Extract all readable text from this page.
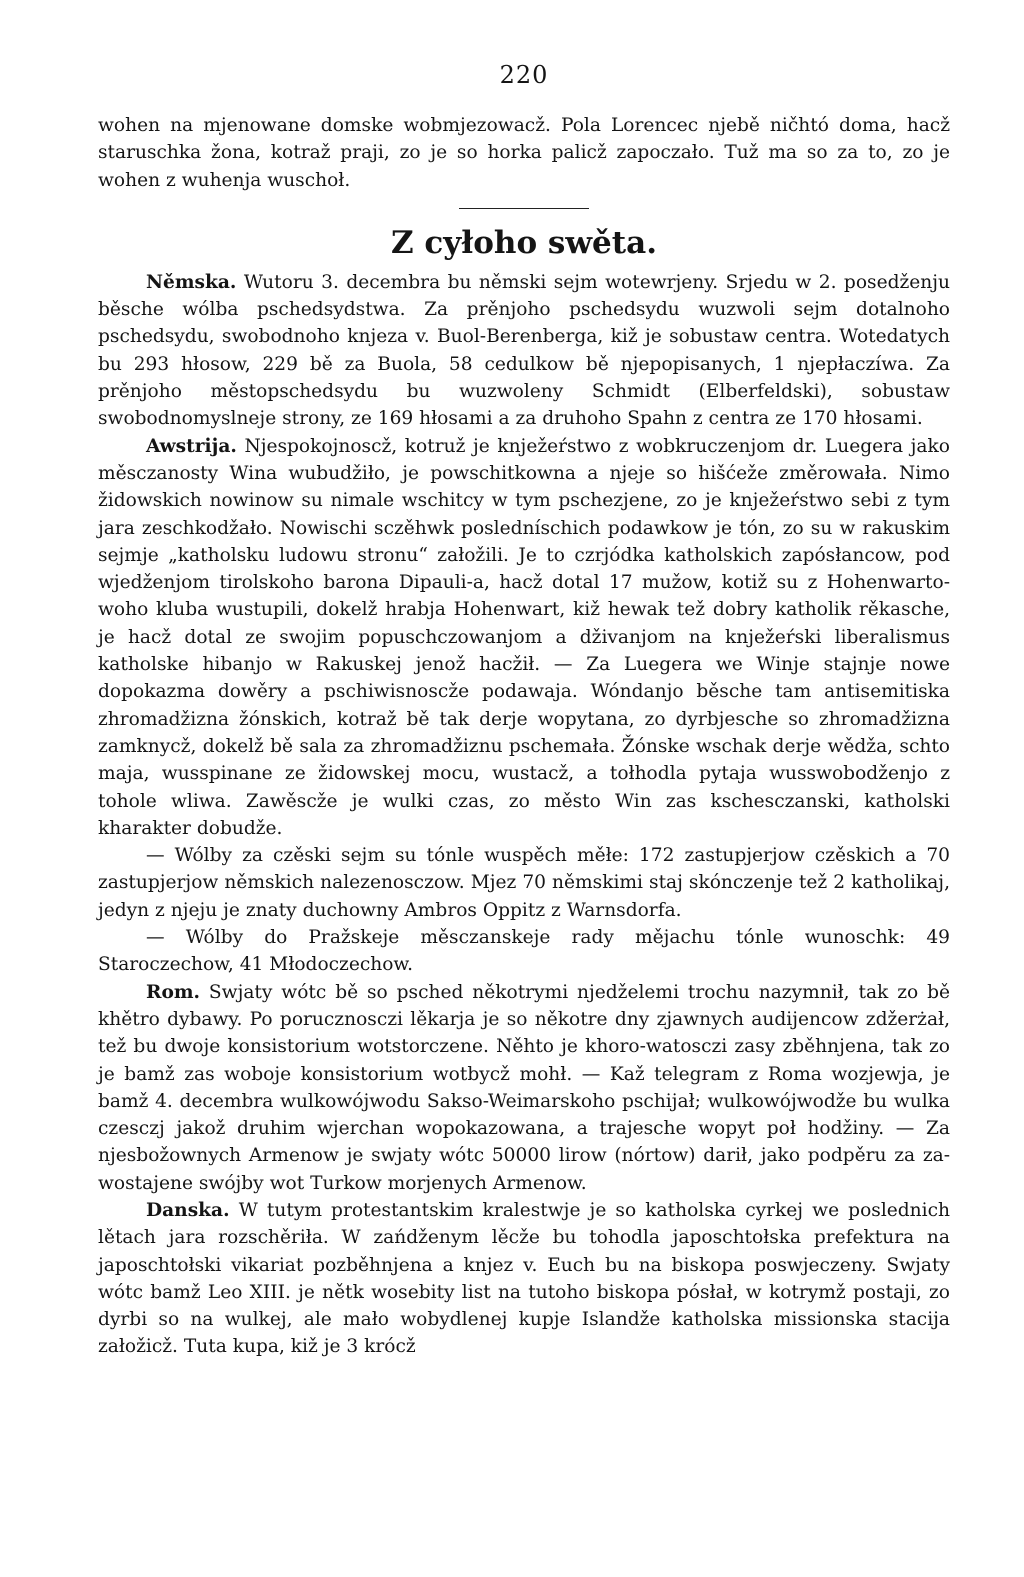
220

wohen na mjenowane domske wobmjezowacž. Pola Lorencec njebě ničhtó doma, hacž staruschka žona, kotraž praji, zo je so horka palicž zapoczało. Tuž ma so za to, zo je wohen z wuhenja wuschoł.

Z cyłoho swěta.

Němska. Wutoru 3. decembra bu němski sejm wotewrjeny. Srjedu w 2. posedženju běsche wólba pschedsydstwa. Za prěnjoho pschedsydu wuzwoli sejm dotalnoho pschedsydu, swobodnoho knjeza v. Buol-Berenberga, kiž je sobustaw centra. Wotedatych bu 293 hłosow, 229 bě za Buola, 58 cedulkow bě njepopisanych, 1 njepłaczíwa. Za prěnjoho městopschedsydu bu wuzwoleny Schmidt (Elberfeldski), sobustaw swobodnomyslneje strony, ze 169 hłosami a za druhoho Spahn z centra ze 170 hłosami.

Awstrija. Njespokojnoscž, kotruž je knježeŕstwo z wobkruczenjom dr. Luegera jako měsczanosty Wina wubudžiło, je powschitkowna a njeje so hišćeže změrowała. Nimo židowskich nowinow su nimale wschitcy w tym pschezjene, zo je knježeŕstwo sebi z tym jara zeschkodžało. Nowischi sczěhwk posledníschich podawkow je tón, zo su w rakuskim sejmje „katholsku ludowu stronu“ załožili. Je to czrjódka katholskich zapósłancow, pod wjedženjom tirolskoho barona Dipauli-a, hacž dotal 17 mužow, kotiž su z Hohenwarto-woho kluba wustupili, dokelž hrabja Hohenwart, kiž hewak tež dobry katholik rěkasche, je hacž dotal ze swojim popuschczowanjom a dživanjom na knježeŕski liberalismus katholske hibanjo w Rakuskej jenož hacžił. — Za Luegera we Winje stajnje nowe dopokazma dowěry a pschiwisnoscže podawaja. Wóndanjo běsche tam antisemitiska zhromadžizna žónskich, kotraž bě tak derje wopytana, zo dyrbjesche so zhromadžizna zamknycž, dokelž bě sala za zhromadžiznu pschemała. Žónske wschak derje wědža, schto maja, wusspinane ze židowskej mocu, wustacž, a tołhodla pytaja wusswobodženjo z tohole wliwa. Zawěscže je wulki czas, zo město Win zas kschesczanski, katholski kharakter dobudže.

— Wólby za czěski sejm su tónle wuspěch měłe: 172 zastupjerjow czěskich a 70 zastupjerjow němskich nalezenosczow. Mjez 70 němskimi staj skónczenje tež 2 katholikaj, jedyn z njeju je znaty duchowny Ambros Oppitz z Warnsdorfa.

— Wólby do Pražskeje měsczanskeje rady mějachu tónle wunoschk: 49 Staroczechow, 41 Młodoczechow.

Rom. Swjaty wótc bě so psched někotrymi njedželemi trochu nazymnił, tak zo bě khětro dybawy. Po porucznosczi lěkarja je so někotre dny zjawnych audijencow zdžerżał, tež bu dwoje konsistorium wotstorczene. Něhto je khoro-watosczi zasy zběhnjena, tak zo je bamž zas woboje konsistorium wotbycž mohł. — Kaž telegram z Roma wozjewja, je bamž 4. decembra wulkowójwodu Sakso-Weimarskoho pschijał; wulkowójwodže bu wulka czesczj jakož druhim wjerchan wopokazowana, a trajesche wopyt poł hodžiny. — Za njesbožownych Armenow je swjaty wótc 50000 lirow (nórtow) darił, jako podpěru za za-wostajene swójby wot Turkow morjenych Armenow.

Danska. W tutym protestantskim kralestwje je so katholska cyrkej we poslednich lětach jara rozschěriła. W zańdženym lěcže bu tohodla japoschtołska prefektura na japoschtołski vikariat pozběhnjena a knjez v. Euch bu na biskopa poswjeczeny. Swjaty wótc bamž Leo XIII. je nětk wosebity list na tutoho biskopa pósłał, w kotrymž postaji, zo dyrbi so na wulkej, ale mało wobydlenej kupje Islandže katholska missionska stacija załožicž. Tuta kupa, kiž je 3 krócž
